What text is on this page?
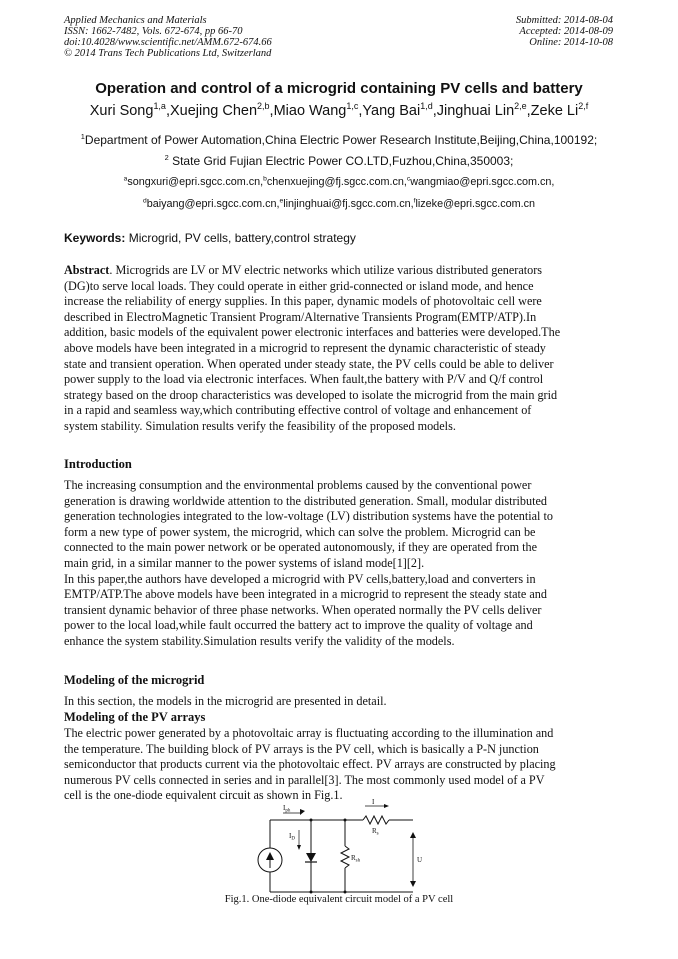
Applied Mechanics and Materials
ISSN: 1662-7482, Vols. 672-674, pp 66-70
doi:10.4028/www.scientific.net/AMM.672-674.66
© 2014 Trans Tech Publications Ltd, Switzerland
Submitted: 2014-08-04
Accepted: 2014-08-09
Online: 2014-10-08
Operation and control of a microgrid containing PV cells and battery
Xuri Song$^{1,a}$,Xuejing Chen$^{2,b}$,Miao Wang$^{1,c}$,Yang Bai$^{1,d}$,Jinghuai Lin$^{2,e}$,Zeke Li$^{2,f}$
$^1$Department of Power Automation,China Electric Power Research Institute,Beijing,China,100192;
$^2$ State Grid Fujian Electric Power CO.LTD,Fuzhou,China,350003;
$^a$songxuri@epri.sgcc.com.cn,$^b$chenxuejing@fj.sgcc.com.cn,$^c$wangmiao@epri.sgcc.com.cn,
$^d$baiyang@epri.sgcc.com.cn,$^e$linjinghuai@fj.sgcc.com.cn,$^f$lizeke@epri.sgcc.com.cn
Keywords: Microgrid, PV cells, battery,control strategy

Abstract. Microgrids are LV or MV electric networks which utilize various distributed generators

(DG)to serve local loads. They could operate in either grid-connected or island mode, and hence

increase the reliability of energy supplies. In this paper, dynamic models of photovoltaic cell were

described in ElectroMagnetic Transient Program/Alternative Transients Program(EMTP/ATP).In

addition, basic models of the equivalent power electronic interfaces and batteries were developed.The

above models have been integrated in a microgrid to represent the dynamic characteristic of steady

state and transient operation. When operated under steady state, the PV cells could be able to deliver

power supply to the load via electronic interfaces. When fault,the battery with P/V and Q/f control

strategy based on the droop characteristics was developed to isolate the microgrid from the main grid

in a rapid and seamless way,which contributing effective control of voltage and enhancement of

system stability. Simulation results verify the feasibility of the proposed models.

Introduction

The increasing consumption and the environmental problems caused by the conventional power

generation is drawing worldwide attention to the distributed generation. Small, modular distributed

generation technologies integrated to the low-voltage (LV) distribution systems have the potential to

form a new type of power system, the microgrid, which can solve the problem. Microgrid can be

connected to the main power network or be operated autonomously, if they are operated from the

main grid, in a similar manner to the power systems of island mode[1][2].

In this paper,the authors have developed a microgrid with PV cells,battery,load and converters in

EMTP/ATP.The above models have been integrated in a microgrid to represent the steady state and

transient dynamic behavior of three phase networks. When operated normally the PV cells deliver

power to the local load,while fault occurred the battery act to improve the quality of voltage and

enhance the system stability.Simulation results verify the validity of the models.

Modeling of the microgrid
In this section, the models in the microgrid are presented in detail.
Modeling of the PV arrays

The electric power generated by a photovoltaic array is fluctuating according to the illumination and

the temperature. The building block of PV arrays is the PV cell, which is basically a P-N junction

semiconductor that products current via the photovoltaic effect. PV arrays are constructed by placing

numerous PV cells connected in series and in parallel[3]. The most commonly used model of a PV

cell is the one-diode equivalent circuit as shown in Fig.1.

$I_{ph}$
I
$I_D$
$R_s$
$R_{sh}$	U
Fig.1. One-diode equivalent circuit model of a PV cell
